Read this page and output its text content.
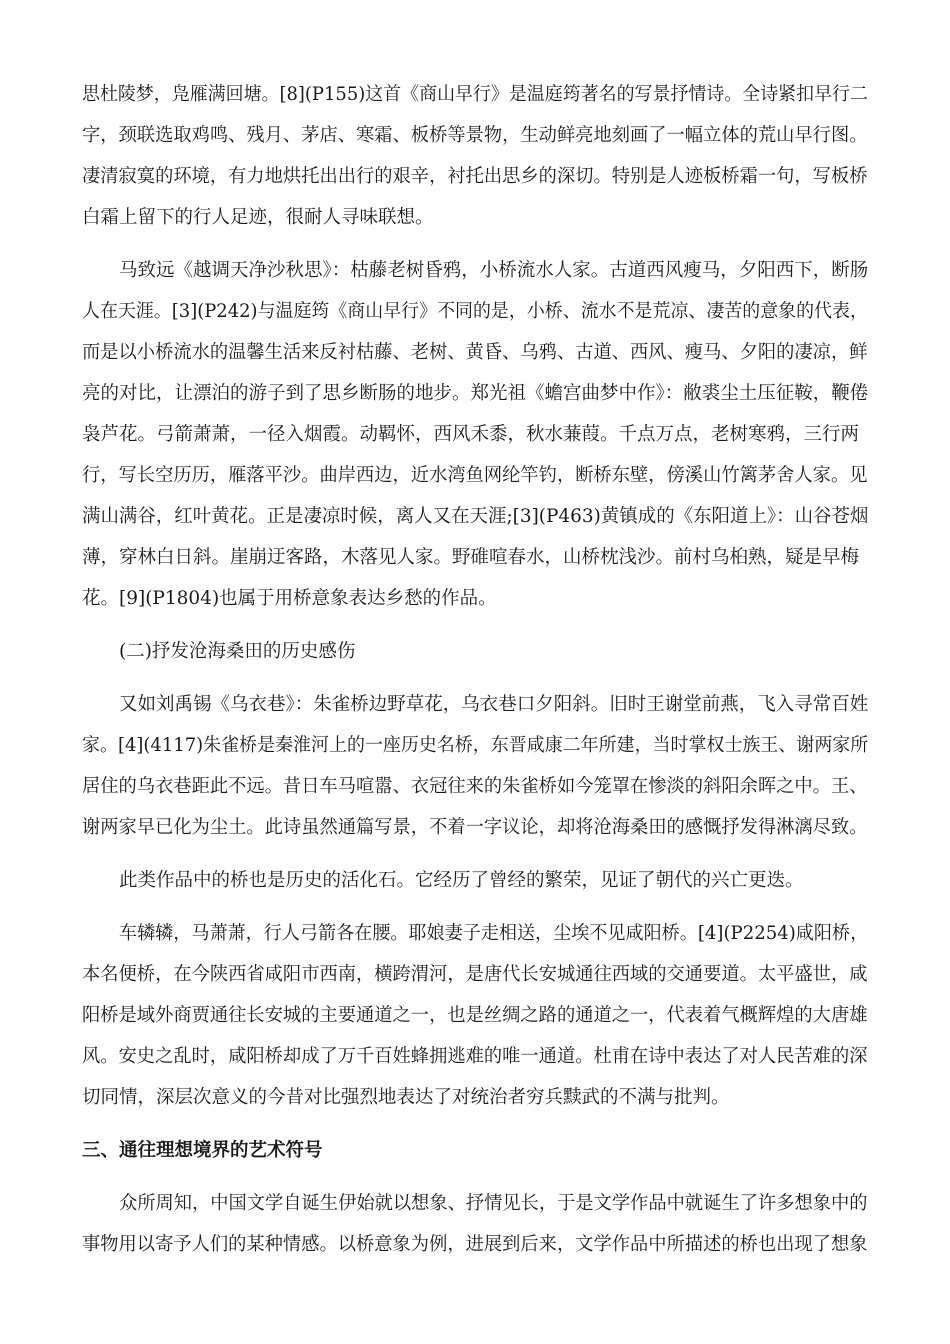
思杜陵梦，凫雁满回塘。[8](P155)这首《商山早行》是温庭筠著名的写景抒情诗。全诗紧扣早行二

字，颈联选取鸡鸣、残月、茅店、寒霜、板桥等景物，生动鲜亮地刻画了一幅立体的荒山早行图。

凄清寂寞的环境，有力地烘托出出行的艰辛，衬托出思乡的深切。特别是人迹板桥霜一句，写板桥

白霜上留下的行人足迹，很耐人寻味联想。

马致远《越调天净沙秋思》：枯藤老树昏鸦，小桥流水人家。古道西风瘦马，夕阳西下，断肠

人在天涯。[3](P242)与温庭筠《商山早行》不同的是，小桥、流水不是荒凉、凄苦的意象的代表，

而是以小桥流水的温馨生活来反衬枯藤、老树、黄昏、乌鸦、古道、西风、瘦马、夕阳的凄凉，鲜

亮的对比，让漂泊的游子到了思乡断肠的地步。郑光祖《蟾宫曲梦中作》：敝裘尘土压征鞍，鞭倦

袅芦花。弓箭萧萧，一径入烟霞。动羁怀，西风禾黍，秋水蒹葭。千点万点，老树寒鸦，三行两

行，写长空历历，雁落平沙。曲岸西边，近水湾鱼网纶竿钓，断桥东壁，傍溪山竹篱茅舍人家。见

满山满谷，红叶黄花。正是凄凉时候，离人又在天涯;[3](P463)黄镇成的《东阳道上》：山谷苍烟

薄，穿林白日斜。崖崩迂客路，木落见人家。野碓喧春水，山桥枕浅沙。前村乌桕熟，疑是早梅

花。[9](P1804)也属于用桥意象表达乡愁的作品。

(二)抒发沧海桑田的历史感伤

又如刘禹锡《乌衣巷》：朱雀桥边野草花，乌衣巷口夕阳斜。旧时王谢堂前燕，飞入寻常百姓

家。[4](4117)朱雀桥是秦淮河上的一座历史名桥，东晋咸康二年所建，当时掌权士族王、谢两家所

居住的乌衣巷距此不远。昔日车马喧嚣、衣冠往来的朱雀桥如今笼罩在惨淡的斜阳余晖之中。王、

谢两家早已化为尘土。此诗虽然通篇写景，不着一字议论，却将沧海桑田的感慨抒发得淋漓尽致。

此类作品中的桥也是历史的活化石。它经历了曾经的繁荣，见证了朝代的兴亡更迭。

车辚辚，马萧萧，行人弓箭各在腰。耶娘妻子走相送，尘埃不见咸阳桥。[4](P2254)咸阳桥，

本名便桥，在今陕西省咸阳市西南，横跨渭河，是唐代长安城通往西域的交通要道。太平盛世，咸

阳桥是域外商贾通往长安城的主要通道之一，也是丝绸之路的通道之一，代表着气概辉煌的大唐雄

风。安史之乱时，咸阳桥却成了万千百姓蜂拥逃难的唯一通道。杜甫在诗中表达了对人民苦难的深

切同情，深层次意义的今昔对比强烈地表达了对统治者穷兵黩武的不满与批判。

三、通往理想境界的艺术符号

众所周知，中国文学自诞生伊始就以想象、抒情见长，于是文学作品中就诞生了许多想象中的

事物用以寄予人们的某种情感。以桥意象为例，进展到后来，文学作品中所描述的桥也出现了想象
